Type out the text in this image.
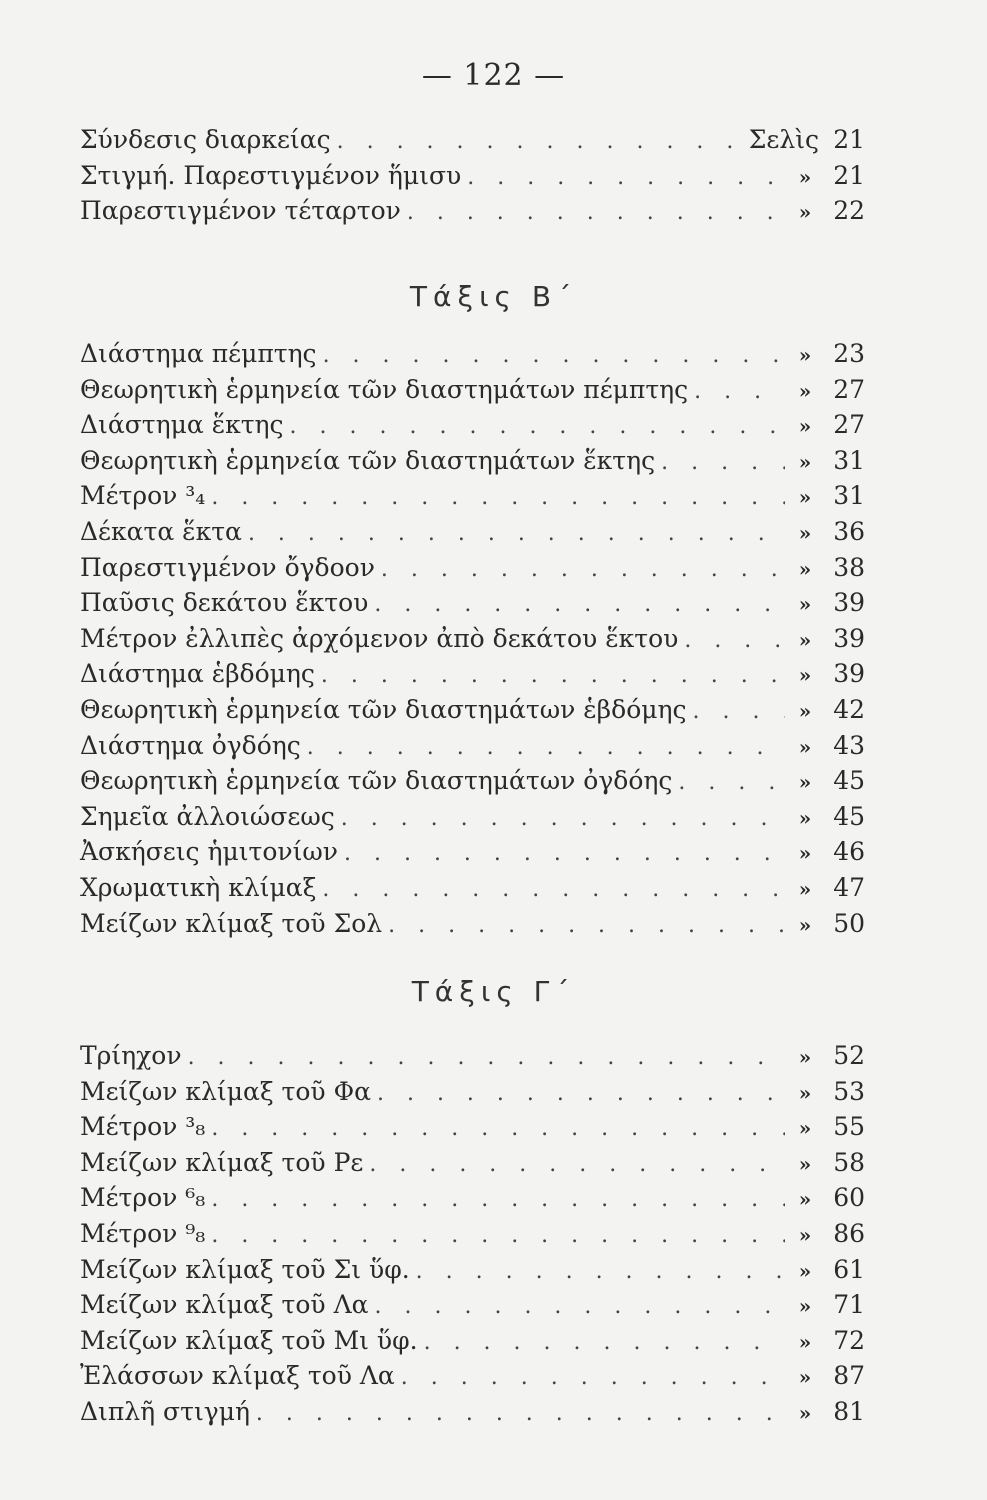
— 122 —
Σύνδεσις διαρκείας . . .	Σελὶς 21
Στιγμή. Παρεστιγμένον ἥμισυ . . .	» 21
Παρεστιγμένον τέταρτον . . .	» 22
Τάξις Β΄
Διάστημα πέμπτης . . .	» 23
Θεωρητικὴ ἑρμηνεία τῶν διαστημάτων πέμπτης . . .	» 27
Διάστημα ἕκτης . . .	» 27
Θεωρητικὴ ἑρμηνεία τῶν διαστημάτων ἕκτης . . .	» 31
Μέτρον ³₄ . . .	» 31
Δέκατα ἕκτα . . .	» 36
Παρεστιγμένον ὄγδοον . . .	» 38
Παῦσις δεκάτου ἕκτου . . .	» 39
Μέτρον ἐλλιπὲς ἀρχόμενον ἀπὸ δεκάτου ἕκτου . . .	» 39
Διάστημα ἑβδόμης . . .	» 39
Θεωρητικὴ ἑρμηνεία τῶν διαστημάτων ἑβδόμης . . .	» 42
Διάστημα ὀγδόης . . .	» 43
Θεωρητικὴ ἑρμηνεία τῶν διαστημάτων ὀγδόης . . .	» 45
Σημεῖα ἀλλοιώσεως . . .	» 45
Ἀσκήσεις ἡμιτονίων . . .	» 46
Χρωματικὴ κλίμαξ . . .	» 47
Μείζων κλίμαξ τοῦ Σολ . . .	» 50
Τάξις Γ΄
Τρίηχον . . .	» 52
Μείζων κλίμαξ τοῦ Φα . . .	» 53
Μέτρον ³₈ . . .	» 55
Μείζων κλίμαξ τοῦ Ρε . . .	» 58
Μέτρον ⁶₈ . . .	» 60
Μέτρον ⁹₈ . . .	» 86
Μείζων κλίμαξ τοῦ Σι ὕφ. . . .	» 61
Μείζων κλίμαξ τοῦ Λα . . .	» 71
Μείζων κλίμαξ τοῦ Μι ὕφ. . . .	» 72
Ἐλάσσων κλίμαξ τοῦ Λα . . .	» 87
Διπλῆ στιγμή . . .	» 81
